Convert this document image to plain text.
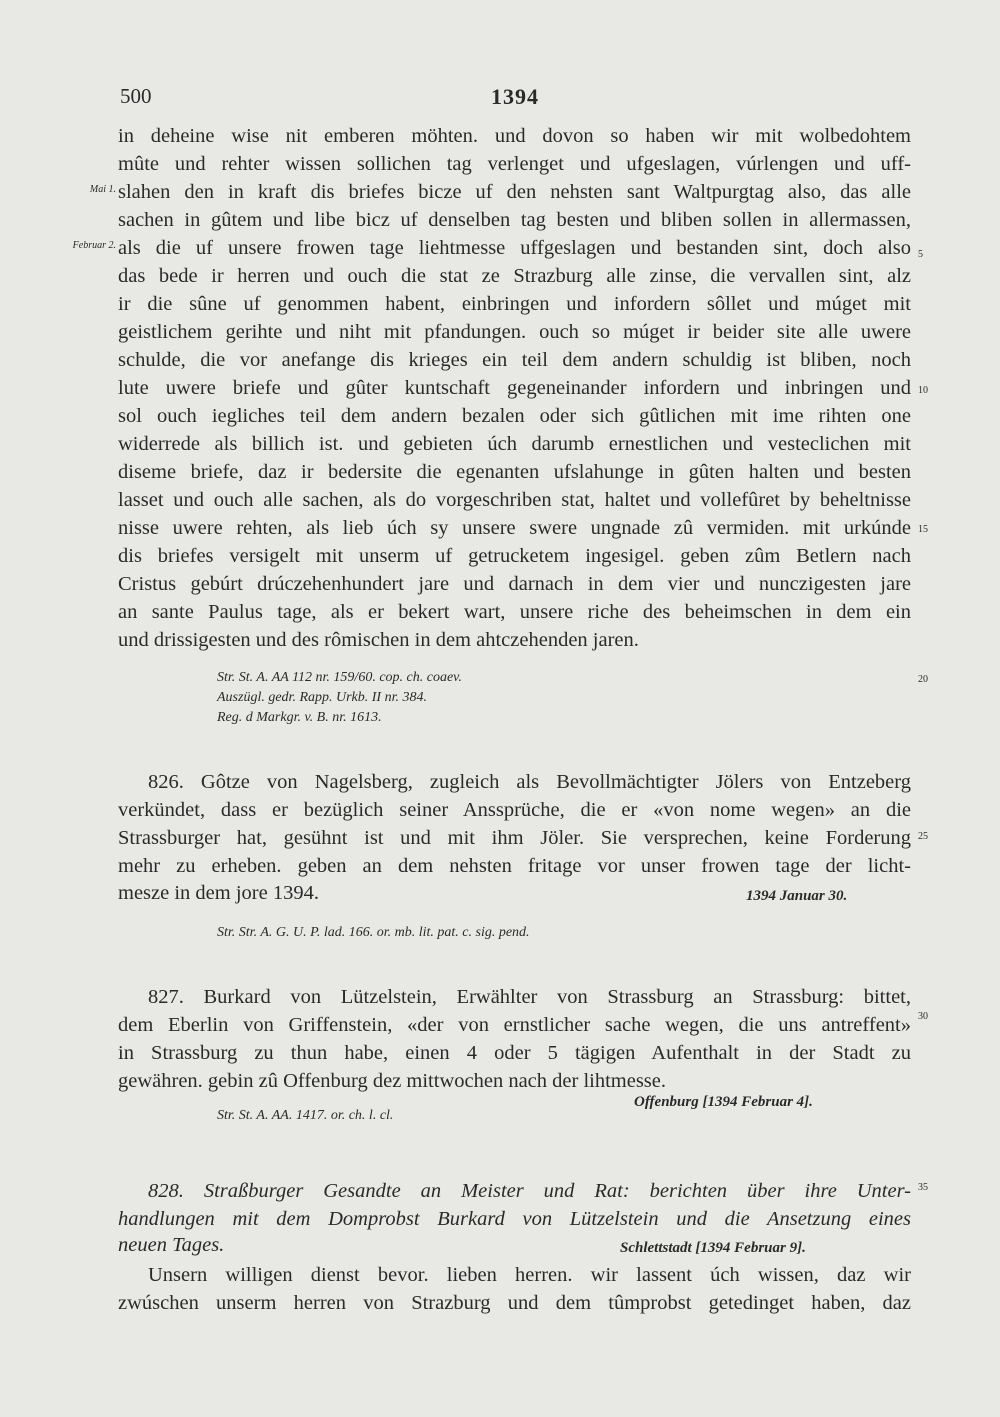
500	1394
Mai 1.
Februar 2.
5
10
15
20
25
30
35
in deheine wise nit emberen möhten. und dovon so haben wir mit wolbedohtem
mûte und rehter wissen sollichen tag verlenget und ufgeslagen, vúrlengen und uff-
slahen den in kraft dis briefes bicze uf den nehsten sant Waltpurgtag also, das alle
sachen in gûtem und libe bicz uf denselben tag besten und bliben sollen in allermassen,
als die uf unsere frowen tage liehtmesse uffgeslagen und bestanden sint, doch also
das bede ir herren und ouch die stat ze Strazburg alle zinse, die vervallen sint, alz
ir die sûne uf genommen habent, einbringen und infordern sôllet und múget mit
geistlichem gerihte und niht mit pfandungen. ouch so múget ir beider site alle uwere
schulde, die vor anefange dis krieges ein teil dem andern schuldig ist bliben, noch
lute uwere briefe und gûter kuntschaft gegeneinander infordern und inbringen und
sol ouch iegliches teil dem andern bezalen oder sich gûtlichen mit ime rihten one
widerrede als billich ist. und gebieten úch darumb ernestlichen und vesteclichen mit
diseme briefe, daz ir bedersite die egenanten ufslahunge in gûten halten und besten
lasset und ouch alle sachen, als do vorgeschriben stat, haltet und vollefûret by beheltnisse
nisse uwere rehten, als lieb úch sy unsere swere ungnade zû vermiden. mit urkúnde
dis briefes versigelt mit unserm uf getrucketem ingesigel. geben zûm Betlern nach
Cristus gebúrt drúczehenhundert jare und darnach in dem vier und nunczigesten jare
an sante Paulus tage, als er bekert wart, unsere riche des beheimschen in dem ein
und drissigesten und des rômischen in dem ahtczehenden jaren.
Str. St. A. AA 112 nr. 159/60. cop. ch. coaev.
Auszügl. gedr. Rapp. Urkb. II nr. 384.
Reg. d Markgr. v. B. nr. 1613.
826. Gôtze von Nagelsberg, zugleich als Bevollmächtigter Jölers von Entzeberg
verkündet, dass er bezüglich seiner Anssprüche, die er «von nome wegen» an die
Strassburger hat, gesühnt ist und mit ihm Jöler. Sie versprechen, keine Forderung
mehr zu erheben. geben an dem nehsten fritage vor unser frowen tage der licht-
mesze in dem jore 1394.	1394 Januar 30.
Str. Str. A. G. U. P. lad. 166. or. mb. lit. pat. c. sig. pend.
827. Burkard von Lützelstein, Erwählter von Strassburg an Strassburg: bittet,
dem Eberlin von Griffenstein, «der von ernstlicher sache wegen, die uns antreffent»
in Strassburg zu thun habe, einen 4 oder 5 tägigen Aufenthalt in der Stadt zu
gewähren. gebin zû Offenburg dez mittwochen nach der lihtmesse.
Offenburg [1394 Februar 4].
Str. St. A. AA. 1417. or. ch. l. cl.
828. Straßburger Gesandte an Meister und Rat: berichten über ihre Unter-
handlungen mit dem Domprobst Burkard von Lützelstein und die Ansetzung eines
neuen Tages.	Schlettstadt [1394 Februar 9].
Unsern willigen dienst bevor. lieben herren. wir lassent úch wissen, daz wir
zwúschen unserm herren von Strazburg und dem tûmprobst getedinget haben, daz
